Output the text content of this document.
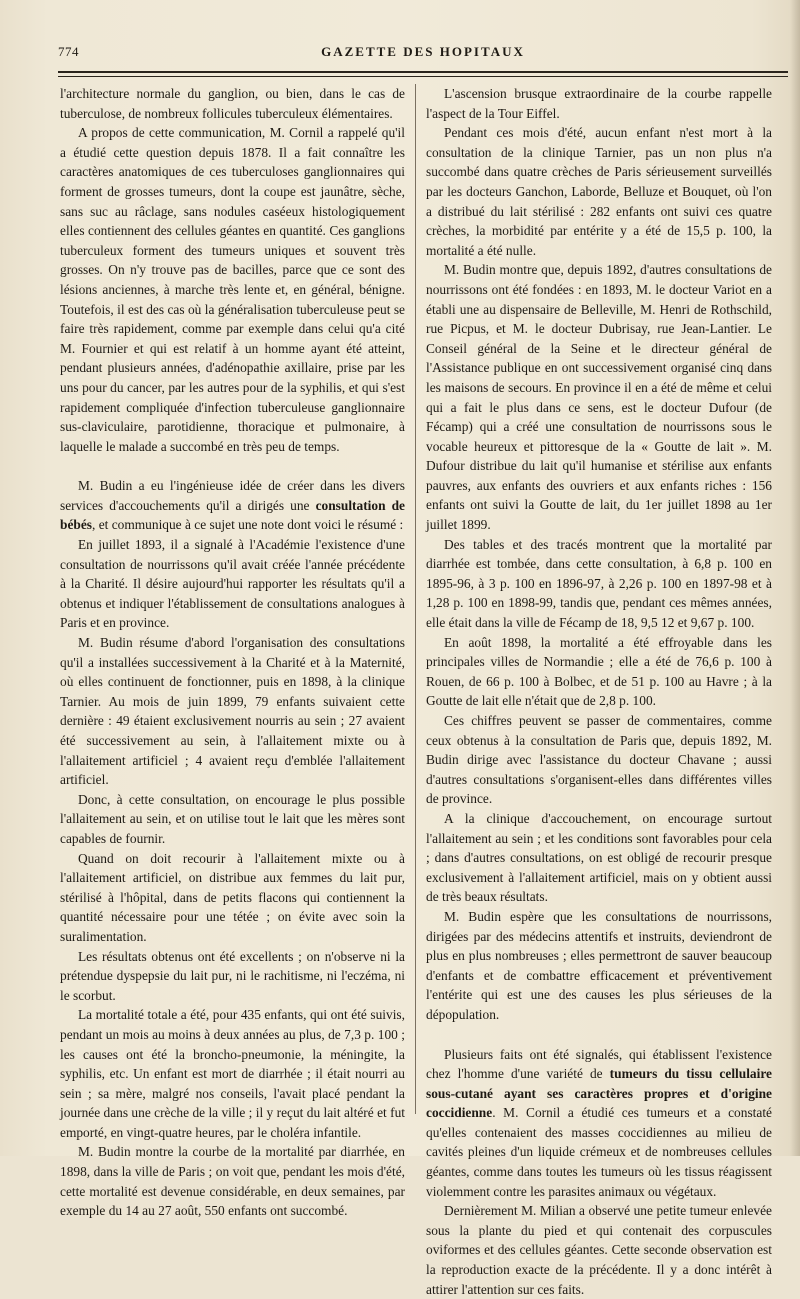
774	GAZETTE DES HOPITAUX

l'architecture normale du ganglion, ou bien, dans le cas de tuberculose, de nombreux follicules tuberculeux élémentaires.

A propos de cette communication, M. Cornil a rappelé qu'il a étudié cette question depuis 1878. Il a fait connaître les caractères anatomiques de ces tuberculoses ganglionnaires qui forment de grosses tumeurs, dont la coupe est jaunâtre, sèche, sans suc au râclage, sans nodules caséeux histologiquement elles contiennent des cellules géantes en quantité. Ces ganglions tuberculeux forment des tumeurs uniques et souvent très grosses. On n'y trouve pas de bacilles, parce que ce sont des lésions anciennes, à marche très lente et, en général, bénigne. Toutefois, il est des cas où la généralisation tuberculeuse peut se faire très rapidement, comme par exemple dans celui qu'a cité M. Fournier et qui est relatif à un homme ayant été atteint, pendant plusieurs années, d'adénopathie axillaire, prise par les uns pour du cancer, par les autres pour de la syphilis, et qui s'est rapidement compliquée d'infection tuberculeuse ganglionnaire sus-claviculaire, parotidienne, thoracique et pulmonaire, à laquelle le malade a succombé en très peu de temps.

M. Budin a eu l'ingénieuse idée de créer dans les divers services d'accouchements qu'il a dirigés une consultation de bébés, et communique à ce sujet une note dont voici le résumé :

En juillet 1893, il a signalé à l'Académie l'existence d'une consultation de nourrissons qu'il avait créée l'année précédente à la Charité. Il désire aujourd'hui rapporter les résultats qu'il a obtenus et indiquer l'établissement de consultations analogues à Paris et en province.

M. Budin résume d'abord l'organisation des consultations qu'il a installées successivement à la Charité et à la Maternité, où elles continuent de fonctionner, puis en 1898, à la clinique Tarnier. Au mois de juin 1899, 79 enfants suivaient cette dernière : 49 étaient exclusivement nourris au sein ; 27 avaient été successivement au sein, à l'allaitement mixte ou à l'allaitement artificiel ; 4 avaient reçu d'emblée l'allaitement artificiel.

Donc, à cette consultation, on encourage le plus possible l'allaitement au sein, et on utilise tout le lait que les mères sont capables de fournir.

Quand on doit recourir à l'allaitement mixte ou à l'allaitement artificiel, on distribue aux femmes du lait pur, stérilisé à l'hôpital, dans de petits flacons qui contiennent la quantité nécessaire pour une tétée ; on évite avec soin la suralimentation.

Les résultats obtenus ont été excellents ; on n'observe ni la prétendue dyspepsie du lait pur, ni le rachitisme, ni l'eczéma, ni le scorbut.

La mortalité totale a été, pour 435 enfants, qui ont été suivis, pendant un mois au moins à deux années au plus, de 7,3 p. 100 ; les causes ont été la broncho-pneumonie, la méningite, la syphilis, etc. Un enfant est mort de diarrhée ; il était nourri au sein ; sa mère, malgré nos conseils, l'avait placé pendant la journée dans une crèche de la ville ; il y reçut du lait altéré et fut emporté, en vingt-quatre heures, par le choléra infantile.

M. Budin montre la courbe de la mortalité par diarrhée, en 1898, dans la ville de Paris ; on voit que, pendant les mois d'été, cette mortalité est devenue considérable, en deux semaines, par exemple du 14 au 27 août, 550 enfants ont succombé.

L'ascension brusque extraordinaire de la courbe rappelle l'aspect de la Tour Eiffel.

Pendant ces mois d'été, aucun enfant n'est mort à la consultation de la clinique Tarnier, pas un non plus n'a succombé dans quatre crèches de Paris sérieusement surveillés par les docteurs Ganchon, Laborde, Belluze et Bouquet, où l'on a distribué du lait stérilisé : 282 enfants ont suivi ces quatre crèches, la morbidité par entérite y a été de 15,5 p. 100, la mortalité a été nulle.

M. Budin montre que, depuis 1892, d'autres consultations de nourrissons ont été fondées : en 1893, M. le docteur Variot en a établi une au dispensaire de Belleville, M. Henri de Rothschild, rue Picpus, et M. le docteur Dubrisay, rue Jean-Lantier. Le Conseil général de la Seine et le directeur général de l'Assistance publique en ont successivement organisé cinq dans les maisons de secours. En province il en a été de même et celui qui a fait le plus dans ce sens, est le docteur Dufour (de Fécamp) qui a créé une consultation de nourrissons sous le vocable heureux et pittoresque de la « Goutte de lait ». M. Dufour distribue du lait qu'il humanise et stérilise aux enfants pauvres, aux enfants des ouvriers et aux enfants riches : 156 enfants ont suivi la Goutte de lait, du 1er juillet 1898 au 1er juillet 1899.

Des tables et des tracés montrent que la mortalité par diarrhée est tombée, dans cette consultation, à 6,8 p. 100 en 1895-96, à 3 p. 100 en 1896-97, à 2,26 p. 100 en 1897-98 et à 1,28 p. 100 en 1898-99, tandis que, pendant ces mêmes années, elle était dans la ville de Fécamp de 18, 9,5 12 et 9,67 p. 100.

En août 1898, la mortalité a été effroyable dans les principales villes de Normandie ; elle a été de 76,6 p. 100 à Rouen, de 66 p. 100 à Bolbec, et de 51 p. 100 au Havre ; à la Goutte de lait elle n'était que de 2,8 p. 100.

Ces chiffres peuvent se passer de commentaires, comme ceux obtenus à la consultation de Paris que, depuis 1892, M. Budin dirige avec l'assistance du docteur Chavane ; aussi d'autres consultations s'organisent-elles dans différentes villes de province.

A la clinique d'accouchement, on encourage surtout l'allaitement au sein ; et les conditions sont favorables pour cela ; dans d'autres consultations, on est obligé de recourir presque exclusivement à l'allaitement artificiel, mais on y obtient aussi de très beaux résultats.

M. Budin espère que les consultations de nourrissons, dirigées par des médecins attentifs et instruits, deviendront de plus en plus nombreuses ; elles permettront de sauver beaucoup d'enfants et de combattre efficacement et préventivement l'entérite qui est une des causes les plus sérieuses de la dépopulation.

Plusieurs faits ont été signalés, qui établissent l'existence chez l'homme d'une variété de tumeurs du tissu cellulaire sous-cutané ayant ses caractères propres et d'origine coccidienne. M. Cornil a étudié ces tumeurs et a constaté qu'elles contenaient des masses coccidiennes au milieu de cavités pleines d'un liquide crémeux et de nombreuses cellules géantes, comme dans toutes les tumeurs où les tissus réagissent violemment contre les parasites animaux ou végétaux.

Dernièrement M. Milian a observé une petite tumeur enlevée sous la plante du pied et qui contenait des corpuscules oviformes et des cellules géantes. Cette seconde observation est la reproduction exacte de la précédente. Il y a donc intérêt à attirer l'attention sur ces faits.
